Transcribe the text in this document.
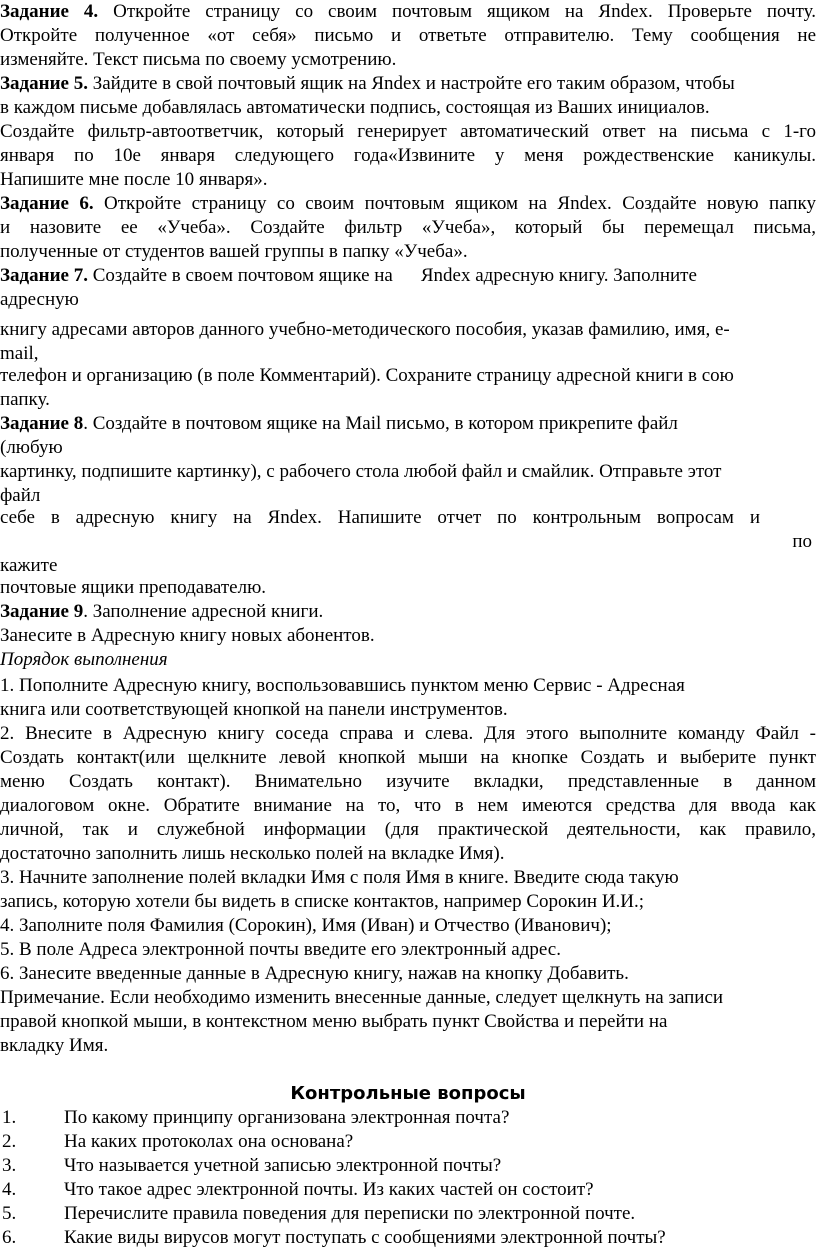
Задание 4. Откройте страницу со своим почтовым ящиком на Яndex. Проверьте почту.
Откройте полученное «от себя» письмо и ответьте отправителю. Тему сообщения не
изменяйте. Текст письма по своему усмотрению.
Задание 5. Зайдите в свой почтовый ящик на Яndex и настройте его таким образом, чтобы
в каждом письме добавлялась автоматически подпись, состоящая из Ваших инициалов.
Создайте фильтр-автоответчик, который генерирует автоматический ответ на письма с 1-го
января по 10е января следующего года«Извините у меня рождественские каникулы.
Напишите мне после 10 января».
Задание 6. Откройте страницу со своим почтовым ящиком на Яndex. Создайте новую папку
и назовите ее «Учеба». Создайте фильтр «Учеба», который бы перемещал письма,
полученные от студентов вашей группы в папку «Учеба».
Задание 7. Создайте в своем почтовом ящике на Яndex адресную книгу. Заполните
адресную
книгу адресами авторов данного учебно-методического пособия, указав фамилию, имя, e-
mail,
телефон и организацию (в поле Комментарий). Сохраните страницу адресной книги в сою
папку.
Задание 8. Создайте в почтовом ящике на Mail письмо, в котором прикрепите файл
(любую
картинку, подпишите картинку), с рабочего стола любой файл и смайлик. Отправьте этот
файл
себе в адресную книгу на Яndex. Напишите отчет по контрольным вопросам и
по
кажите
почтовые ящики преподавателю.
Задание 9. Заполнение адресной книги.
Занесите в Адресную книгу новых абонентов.
Порядок выполнения
1. Пополните Адресную книгу, воспользовавшись пунктом меню Сервис - Адресная
книга или соответствующей кнопкой на панели инструментов.
2. Внесите в Адресную книгу соседа справа и слева. Для этого выполните команду Файл -
Создать контакт(или щелкните левой кнопкой мыши на кнопке Создать и выберите пункт
меню Создать контакт). Внимательно изучите вкладки, представленные в данном
диалоговом окне. Обратите внимание на то, что в нем имеются средства для ввода как
личной, так и служебной информации (для практической деятельности, как правило,
достаточно заполнить лишь несколько полей на вкладке Имя).
3. Начните заполнение полей вкладки Имя с поля Имя в книге. Введите сюда такую
запись, которую хотели бы видеть в списке контактов, например Сорокин И.И.;
4. Заполните поля Фамилия (Сорокин), Имя (Иван) и Отчество (Иванович);
5. В поле Адреса электронной почты введите его электронный адрес.
6. Занесите введенные данные в Адресную книгу, нажав на кнопку Добавить.
Примечание. Если необходимо изменить внесенные данные, следует щелкнуть на записи
правой кнопкой мыши, в контекстном меню выбрать пункт Свойства и перейти на
вкладку Имя.
Контрольные вопросы
1.	По какому принципу организована электронная почта?
2.	На каких протоколах она основана?
3.	Что называется учетной записью электронной почты?
4.	Что такое адрес электронной почты. Из каких частей он состоит?
5.	Перечислите правила поведения для переписки по электронной почте.
6.	Какие виды вирусов могут поступать с сообщениями электронной почты?
